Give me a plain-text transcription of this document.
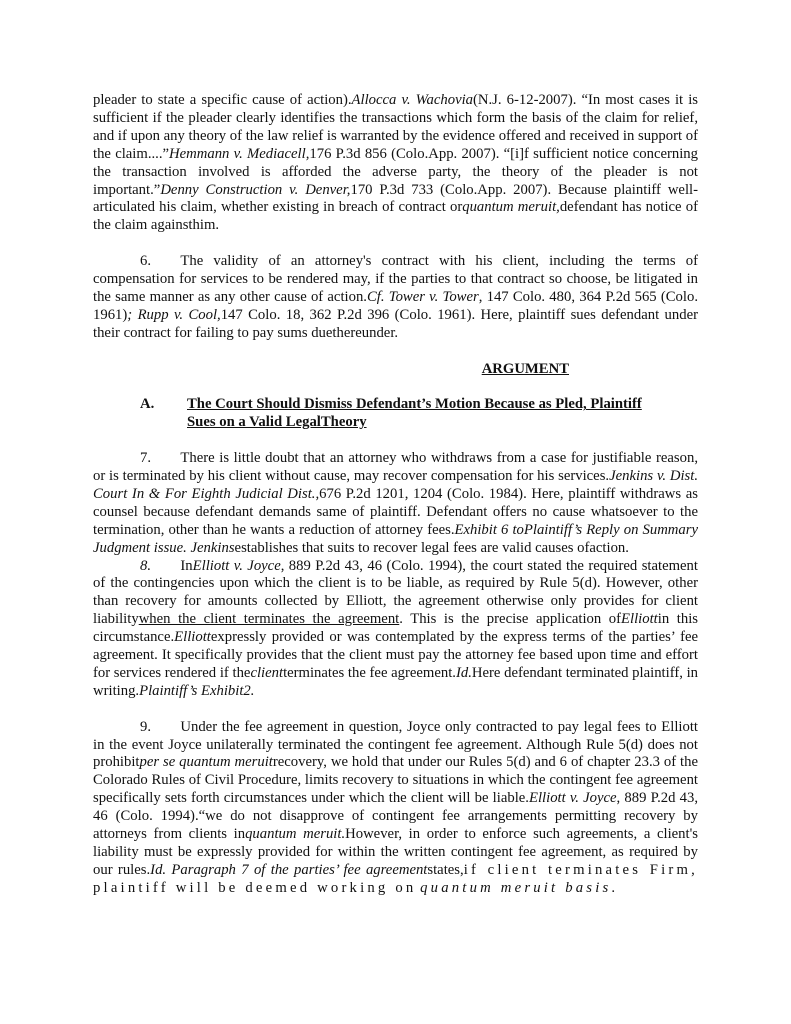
pleader to state a specific cause of action).Allocca v. Wachovia(N.J. 6-12-2007). “In most cases it is sufficient if the pleader clearly identifies the transactions which form the basis of the claim for relief, and if upon any theory of the law relief is warranted by the evidence offered and received in support of the claim....”Hemmann v. Mediacell,176 P.3d 856 (Colo.App. 2007). “[i]f sufficient notice concerning the transaction involved is afforded the adverse party, the theory of the pleader is not important.”Denny Construction v. Denver,170 P.3d 733 (Colo.App. 2007). Because plaintiff well-articulated his claim, whether existing in breach of contract orquantum meruit,defendant has notice of the claim againsthim.

6.   The validity of an attorney's contract with his client, including the terms of compensation for services to be rendered may, if the parties to that contract so choose, be litigated in the same manner as any other cause of action.Cf. Tower v. Tower, 147 Colo. 480, 364 P.2d 565 (Colo. 1961); Rupp v. Cool,147 Colo. 18, 362 P.2d 396 (Colo. 1961). Here, plaintiff sues defendant under their contract for failing to pay sums duethereunder.

ARGUMENT
A.	The Court Should Dismiss Defendant’s Motion Because as Pled, Plaintiff
Sues on a Valid LegalTheory

7.   There is little doubt that an attorney who withdraws from a case for justifiable reason, or is terminated by his client without cause, may recover compensation for his services.Jenkins v. Dist. Court In & For Eighth Judicial Dist.,676 P.2d 1201, 1204 (Colo. 1984). Here, plaintiff withdraws as counsel because defendant demands same of plaintiff. Defendant offers no cause whatsoever to the termination, other than he wants a reduction of attorney fees.Exhibit 6 toPlaintiff’s Reply on Summary Judgment issue. Jenkinsestablishes that suits to recover legal fees are valid causes ofaction.

8.   InElliott v. Joyce, 889 P.2d 43, 46 (Colo. 1994), the court stated the required statement of the contingencies upon which the client is to be liable, as required by Rule 5(d). However, other than recovery for amounts collected by Elliott, the agreement otherwise only provides for client liabilitywhen the client terminates the agreement. This is the precise application ofElliottin this circumstance.Elliottexpressly provided or was contemplated by the express terms of the parties’ fee agreement. It specifically provides that the client must pay the attorney fee based upon time and effort for services rendered if theclientterminates the fee agreement.Id.Here defendant terminated plaintiff, in writing.Plaintiff’s Exhibit2.

9.   Under the fee agreement in question, Joyce only contracted to pay legal fees to Elliott in the event Joyce unilaterally terminated the contingent fee agreement. Although Rule 5(d) does not prohibitper se quantum meruitrecovery, we hold that under our Rules 5(d) and 6 of chapter 23.3 of the Colorado Rules of Civil Procedure, limits recovery to situations in which the contingent fee agreement specifically sets forth circumstances under which the client will be liable.Elliott v. Joyce, 889 P.2d 43, 46 (Colo. 1994).“we do not disapprove of contingent fee arrangements permitting recovery by attorneys from clients inquantum meruit.However, in order to enforce such agreements, a client's liability must be expressly provided for within the written contingent fee agreement, as required by our rules.Id. Paragraph 7 of the parties’ fee agreementstates,if client terminates Firm, plaintiff will be deemed working on quantum meruit basis.
